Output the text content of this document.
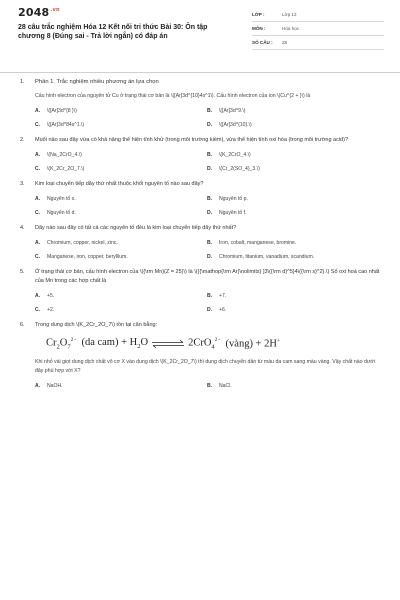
$2048^{.vn}$
28 câu trắc nghiệm Hóa 12 Kết nối tri thức Bài 30: Ôn tập chương 8 (Đúng sai - Trả lời ngắn) có đáp án
LỚP :	Lớp 12
MÔN :	Hóa học
SỐ CÂU :	28
1.	Phần 1. Trắc nghiệm nhiều phương án lựa chọn
Cấu hình electron của nguyên tử Cu ở trạng thái cơ bản là \([Ar]3d^{10}4s^1\). Cấu hình electron của ion \(Cu^{2 + }\) là
A.	\([Ar]3d^{8 }\)	B.	\([Ar]3d^9.\)
C.	\([Ar]3d^84s^1.\)	D.	\([Ar]3d^{10}.\)
2.	Muối nào sau đây vừa có khả năng thể hiện tính khử (trong môi trường kiềm), vừa thể hiện tính oxi hóa (trong môi trường acid)?
A.	\(Na_2CrO_4.\)	B.	\(K_2CrO_4.\)
C.	\(K_2Cr_2O_7.\)	D.	\(Cr_2(SO_4)_3.\)
3.	Kim loại chuyển tiếp dãy thứ nhất thuộc khối nguyên tố nào sau đây?
A.	Nguyên tố s.	B.	Nguyên tố p.
C.	Nguyên tố d.	D.	Nguyên tố f.
4.	Dãy nào sau đây có tất cả các nguyên tố đều là kim loại chuyển tiếp dãy thứ nhất?
A.	Chromium, copper, nickel, zinc.	B.	Iron, cobalt, manganese, bromine.
C.	Manganese, iron, copper, beryllium.	D.	Chromium, titanium, vanadium, scandium.
5.	Ở trạng thái cơ bản, cấu hình electron của \({\rm Mn}(Z = 25)\) là \({{\mathop{\rm Ar}\nolimits} ]3\({\rm d}^5}4\({\rm s}^2}.\) Số oxi hoá cao nhất của Mn trong các hợp chất là
A.	+5.	B.	+7.
C.	+2.	D.	+6.
6.	Trong dung dịch \(K_2Cr_2O_7\) tồn tại cân bằng:
$Cr_2O_7^{2-}$ (da $cam) + H_2O$ ⇌ 2CrO$_4^{2-}$ (vàng) + 2H+
Khi nhỏ vài giọt dung dịch chất vô cơ X vào dung dịch \(K_2Cr_2O_7\) thì dung dịch chuyển dần từ màu da cam sang màu vàng. Vậy chất nào dưới đây phù hợp với X?
A.	NaOH.	B.	NaCl.
